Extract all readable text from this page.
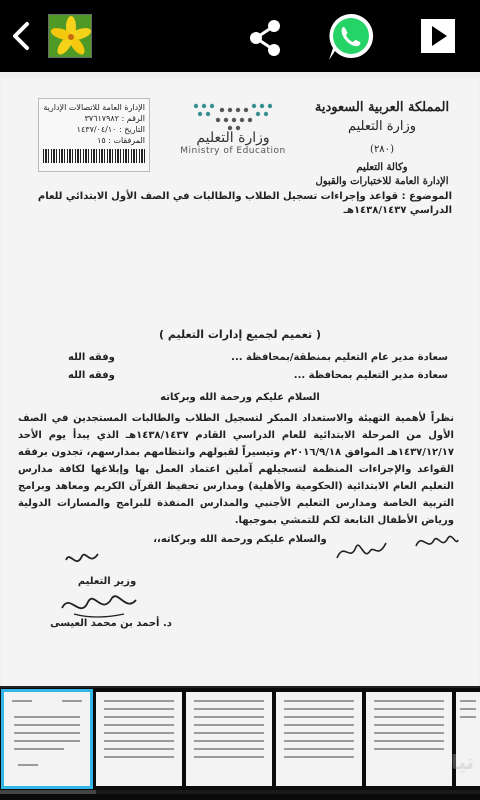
المملكة العربية السعودية
وزارة التعليم
(٢٨٠)
وكالة التعليم
الإدارة العامة للاختبارات والقبول
وزارة التعليم
Ministry of Education
الإدارة العامة للاتصالات الإدارية
الرقم : ٣٧٦١٧٩٨٢
التاريخ : ١٤٣٧/٠٤/١٠
المرفقات : ١٥
الموضوع : قواعد وإجراءات تسجيل الطلاب والطالبات في الصف الأول الابتدائي للعام الدراسي ١٤٣٨/١٤٣٧هـ
( تعميم لجميع إدارات التعليم )
سعادة مدير عام التعليم بمنطقة/بمحافظة ...
وفقه الله
سعادة مدير التعليم بمحافظة ...
وفقه الله
السلام عليكم ورحمة الله وبركاته
نظراً لأهمية التهيئة والاستعداد المبكر لتسجيل الطلاب والطالبات المستجدين في الصف الأول من المرحلة الابتدائية للعام الدراسي القادم ١٤٣٨/١٤٣٧هـ الذي يبدأ يوم الأحد ١٤٣٧/١٢/١٧هـ الموافق ٢٠١٦/٩/١٨م وتيسيراً لقبولهم وانتظامهم بمدارسهم، تجدون برفقه القواعد والإجراءات المنظمة لتسجيلهم آملين اعتماد العمل بها وإبلاغها لكافة مدارس التعليم العام الابتدائية (الحكومية والأهلية) ومدارس تحفيظ القرآن الكريم ومعاهد وبرامج التربية الخاصة ومدارس التعليم الأجنبي والمدارس المنفذة للبرامج والمسارات الدولية ورياض الأطفال التابعة لكم للتمشي بموجبها.
والسلام عليكم ورحمة الله وبركاته،،
وزير التعليم
د. أحمد بن محمد العيسى
ﺗﻴﺎ
